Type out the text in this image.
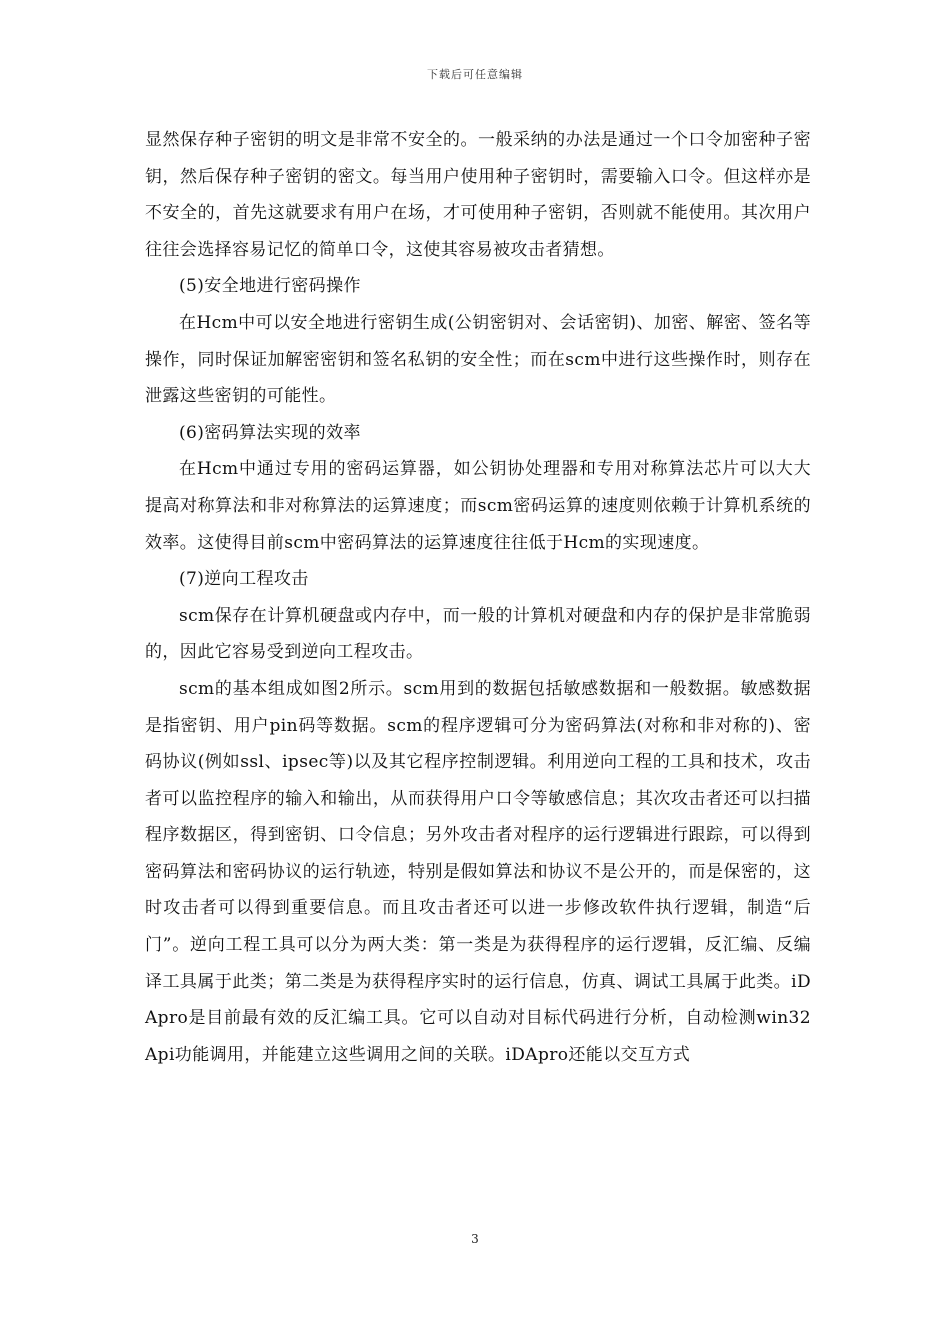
下载后可任意编辑

显然保存种子密钥的明文是非常不安全的。一般采纳的办法是通过一个口令加密种子密钥，然后保存种子密钥的密文。每当用户使用种子密钥时，需要输入口令。但这样亦是不安全的，首先这就要求有用户在场，才可使用种子密钥，否则就不能使用。其次用户往往会选择容易记忆的简单口令，这使其容易被攻击者猜想。

(5)安全地进行密码操作

在Hcm中可以安全地进行密钥生成(公钥密钥对、会话密钥)、加密、解密、签名等操作，同时保证加解密密钥和签名私钥的安全性；而在scm中进行这些操作时，则存在泄露这些密钥的可能性。

(6)密码算法实现的效率

在Hcm中通过专用的密码运算器，如公钥协处理器和专用对称算法芯片可以大大提高对称算法和非对称算法的运算速度；而scm密码运算的速度则依赖于计算机系统的效率。这使得目前scm中密码算法的运算速度往往低于Hcm的实现速度。

(7)逆向工程攻击

scm保存在计算机硬盘或内存中，而一般的计算机对硬盘和内存的保护是非常脆弱的，因此它容易受到逆向工程攻击。

scm的基本组成如图2所示。scm用到的数据包括敏感数据和一般数据。敏感数据是指密钥、用户pin码等数据。scm的程序逻辑可分为密码算法(对称和非对称的)、密码协议(例如ssl、ipsec等)以及其它程序控制逻辑。利用逆向工程的工具和技术，攻击者可以监控程序的输入和输出，从而获得用户口令等敏感信息；其次攻击者还可以扫描程序数据区，得到密钥、口令信息；另外攻击者对程序的运行逻辑进行跟踪，可以得到密码算法和密码协议的运行轨迹，特别是假如算法和协议不是公开的，而是保密的，这时攻击者可以得到重要信息。而且攻击者还可以进一步修改软件执行逻辑，制造“后门”。逆向工程工具可以分为两大类：第一类是为获得程序的运行逻辑，反汇编、反编译工具属于此类；第二类是为获得程序实时的运行信息，仿真、调试工具属于此类。iDApro是目前最有效的反汇编工具。它可以自动对目标代码进行分析，自动检测win32Api功能调用，并能建立这些调用之间的关联。iDApro还能以交互方式

3
